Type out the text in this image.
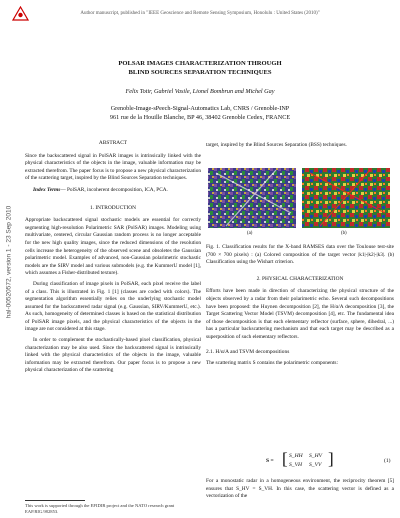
Author manuscript, published in "IEEE Geoscience and Remote Sensing Symposium, Honolulu : United States (2010)"
hal-00520572, version 1 - 23 Sep 2010
POLSAR IMAGES CHARACTERIZATION THROUGH
BLIND SOURCES SEPARATION TECHNIQUES
Felix Totir, Gabriel Vasile, Lionel Bombrun and Michel Gay
Grenoble-Image-sPeech-Signal-Automatics Lab, CNRS / Grenoble-INP
961 rue de la Houille Blanche, BP 46, 38402 Grenoble Cedex, FRANCE

ABSTRACT

Since the backscattered signal in PolSAR images is intrinsically linked with the physical characteristics of the objects in the image, valuable information may be extracted therefrom. The paper focus is to propose a new physical characterization of the scattering target, inspired by the Blind Sources Separation techniques.

Index Terms— PolSAR, incoherent decomposition, ICA, PCA.

1. INTRODUCTION

Appropriate backscattered signal stochastic models are essential for correctly segmenting high-resolution Polarimetric SAR (PolSAR) images. Modeling using multivariate, centered, circular Gaussian random process is no longer acceptable for the new high quality images, since the reduced dimensions of the resolution cells increase the heterogeneity of the observed scene and obsoletes the Gaussian polarimetric model. Examples of advanced, non-Gaussian polarimetric stochastic models are the SIRV model and various submodels (e.g. the KummerU model [1], which assumes a Fisher-distributed texture).

During classification of image pixels in PolSAR, each pixel receive the label of a class. This is illustrated in Fig. 1 [1] (classes are coded with colors). The segmentation algorithm essentially relies on the underlying stochastic model assumed for the backscattered radar signal (e.g. Gaussian, SIRV/KummerU, etc.). As such, homogeneity of determined classes is based on the statistical distribution of PolSAR image pixels, and the physical characteristics of the objects in the image are not considered at this stage.

In order to complement the stochastically-based pixel classification, physical characterization may be also used. Since the backscattered signal is intrinsically linked with the physical characteristics of the objects in the image, valuable information may be extracted therefrom. Our paper focus is to propose a new physical characterization of the scattering

This work is supported through the EFIDIR project and the NATO research grant EAP.RIG.982853.

target, inspired by the Blind Sources Separation (BSS) techniques.

(a)	(b)

Fig. 1. Classification results for the X-band RAMSES data over the Toulouse test-site (700 × 700 pixels) : (a) Colored composition of the target vector |k1|-|k2|-|k3|. (b) Classification using the Wishart criterion.

2. PHYSICAL CHARACTERIZATION

Efforts have been made in direction of characterizing the physical structure of the objects observed by a radar from their polarimetric echo. Several such decompositions have been proposed: the Huynen decomposition [2], the H/α/A decomposition [3], the Target Scattering Vector Model (TSVM) decomposition [4], etc. The fundamental idea of those decomposition is that each elementary reflector (surface, sphere, dihedral, ...) has a particular backscattering mechanism and that each target may be described as a superposition of such elementary reflectors.

2.1. H/α/A and TSVM decompositions

The scattering matrix S contains the polarimetric components:

S = [ S_HH S_HV
S_VH S_VV ]	(1)

For a monostatic radar in a homogeneous environment, the reciprocity theorem [5] ensures that S_HV = S_VH. In this case, the scattering vector is defined as a vectorization of the
